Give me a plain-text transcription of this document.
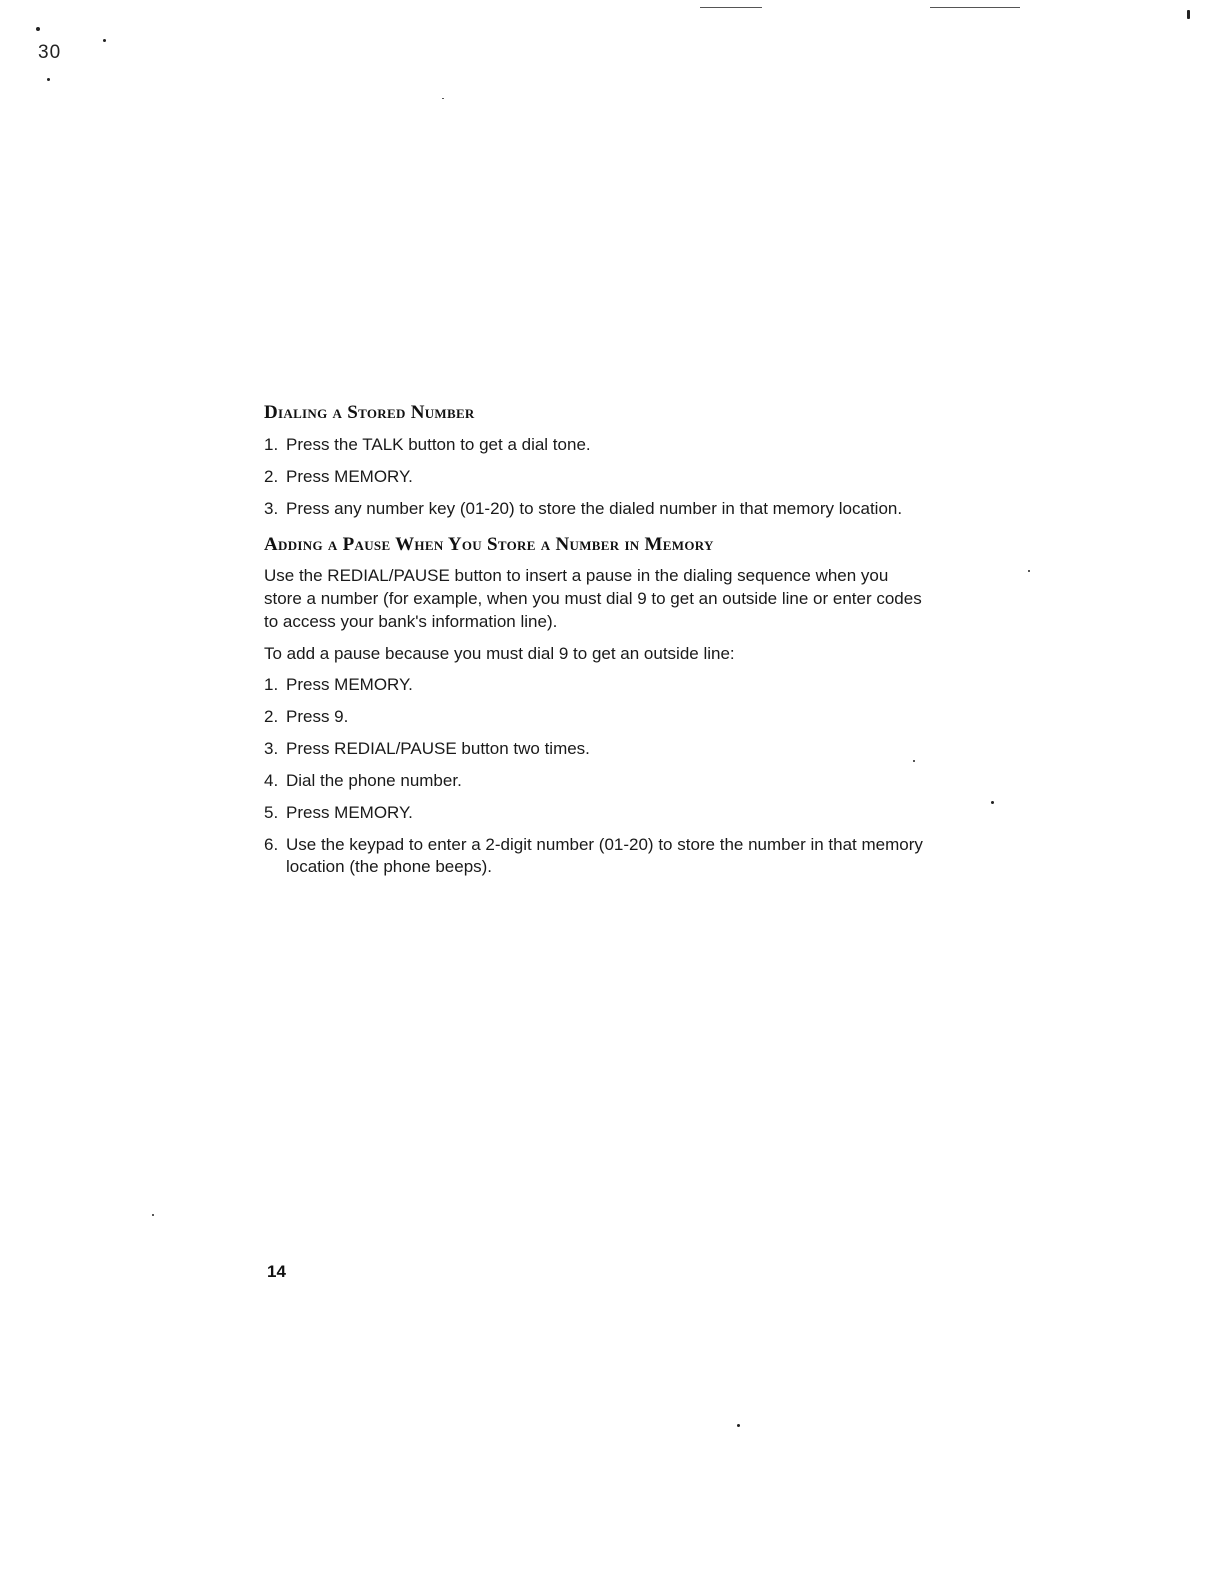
30
Dialing a Stored Number
1. Press the TALK button to get a dial tone.
2. Press MEMORY.
3. Press any number key (01-20) to store the dialed number in that memory location.
Adding a Pause When You Store a Number in Memory

Use the REDIAL/PAUSE button to insert a pause in the dialing sequence when you store a number (for example, when you must dial 9 to get an outside line or enter codes to access your bank's information line).

To add a pause because you must dial 9 to get an outside line:

1. Press MEMORY.
2. Press 9.
3. Press REDIAL/PAUSE button two times.
4. Dial the phone number.
5. Press MEMORY.
6. Use the keypad to enter a 2-digit number (01-20) to store the number in that memory location (the phone beeps).
14
